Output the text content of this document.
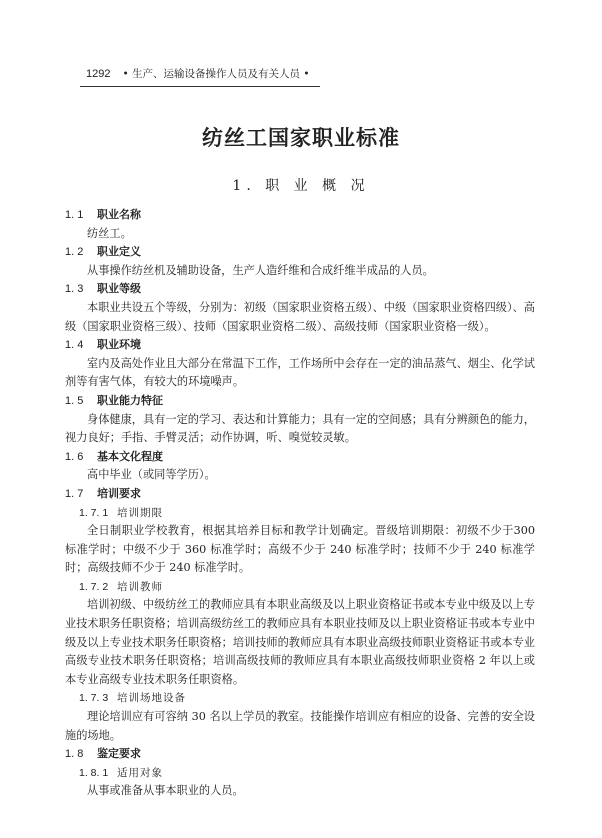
1292 • 生产、运输设备操作人员及有关人员 •
纺丝工国家职业标准
1. 职 业 概 况
1. 1 职业名称

纺丝工。

1. 2 职业定义

从事操作纺丝机及辅助设备，生产人造纤维和合成纤维半成品的人员。

1. 3 职业等级

本职业共设五个等级，分别为：初级（国家职业资格五级）、中级（国家职业资格四级）、高级（国家职业资格三级）、技师（国家职业资格二级）、高级技师（国家职业资格一级）。

1. 4 职业环境

室内及高处作业且大部分在常温下工作，工作场所中会存在一定的油品蒸气、烟尘、化学试剂等有害气体，有较大的环境噪声。

1. 5 职业能力特征

身体健康，具有一定的学习、表达和计算能力；具有一定的空间感；具有分辨颜色的能力，视力良好；手指、手臂灵活；动作协调，听、嗅觉较灵敏。

1. 6 基本文化程度

高中毕业（或同等学历）。

1. 7 培训要求
1. 7. 1 培训期限

全日制职业学校教育，根据其培养目标和教学计划确定。晋级培训期限：初级不少于300 标准学时；中级不少于 360 标准学时；高级不少于 240 标准学时；技师不少于 240 标准学时；高级技师不少于 240 标准学时。

1. 7. 2 培训教师

培训初级、中级纺丝工的教师应具有本职业高级及以上职业资格证书或本专业中级及以上专业技术职务任职资格；培训高级纺丝工的教师应具有本职业技师及以上职业资格证书或本专业中级及以上专业技术职务任职资格；培训技师的教师应具有本职业高级技师职业资格证书或本专业高级专业技术职务任职资格；培训高级技师的教师应具有本职业高级技师职业资格 2 年以上或本专业高级专业技术职务任职资格。

1. 7. 3 培训场地设备

理论培训应有可容纳 30 名以上学员的教室。技能操作培训应有相应的设备、完善的安全设施的场地。

1. 8 鉴定要求
1. 8. 1 适用对象

从事或准备从事本职业的人员。
